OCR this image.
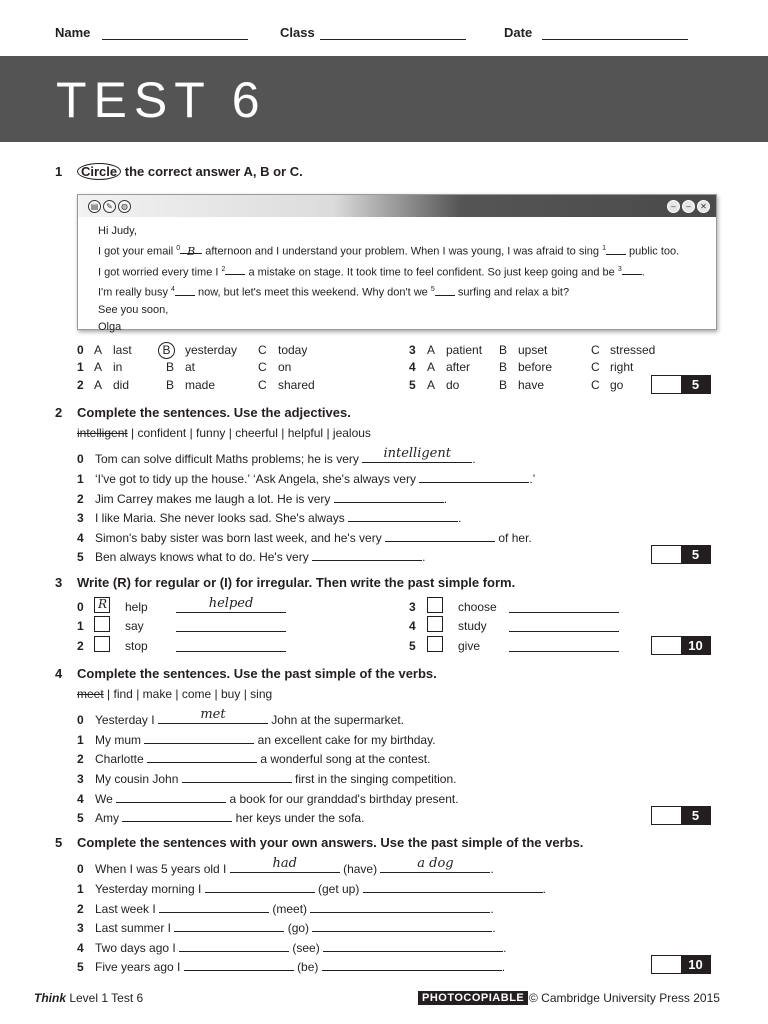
Name	Class	Date
TEST 6
1	Circle the correct answer A, B or C.
▤ ✎	◍	–	–	✕
Hi Judy,
I got your email $^0$ B afternoon and I understand your problem. When I was young, I was afraid to sing $^1$ public too.
I got worried every time I $^2$ a mistake on stage. It took time to feel confident. So just keep going and be $^3$ .
I'm really busy $^4$ now, but let's meet this weekend. Why don't we $^5$ surfing and relax a bit?
See you soon,
Olga
0 A last	B	yesterday C today
1 A in	B at	C on
2 A did	B made	C shared
3 A patient B upset	C stressed
4 A after B before	C right
5 A do	B have	C go	5
2 Complete the sentences. Use the adjectives.
intelligent | confident | funny | cheerful | helpful | jealous
0 Tom can solve difficult Maths problems; he is very	intelligent	.
1 ‘I've got to tidy up the house.’ ‘Ask Angela, she's always very	.’
2 Jim Carrey makes me laugh a lot. He is very	.
3 I like Maria. She never looks sad. She's always	.
4 Simon's baby sister was born last week, and he's very	of her.
5 Ben always knows what to do. He's very	.	5
3 Write (R) for regular or (I) for irregular. Then write the past simple form.
0 R help	helped
1	say
2	stop
3	choose
4	study
5	give	10
4 Complete the sentences. Use the past simple of the verbs.
meet | find | make | come | buy | sing
0 Yesterday I	met	John at the supermarket.
1 My mum	an excellent cake for my birthday.
2 Charlotte	a wonderful song at the contest.
3 My cousin John	first in the singing competition.
4 We	a book for our granddad's birthday present.
5 Amy	her keys under the sofa.	5
5 Complete the sentences with your own answers. Use the past simple of the verbs.
0 When I was 5 years old I	had	(have)	a dog	.
1 Yesterday morning I	(get up)	.
2 Last week I	(meet)	.
3 Last summer I	(go)	.
4 Two days ago I	(see)	.
5 Five years ago I	(be)	.	10
Think Level 1 Test 6	PHOTOCOPIABLE © Cambridge University Press 2015
